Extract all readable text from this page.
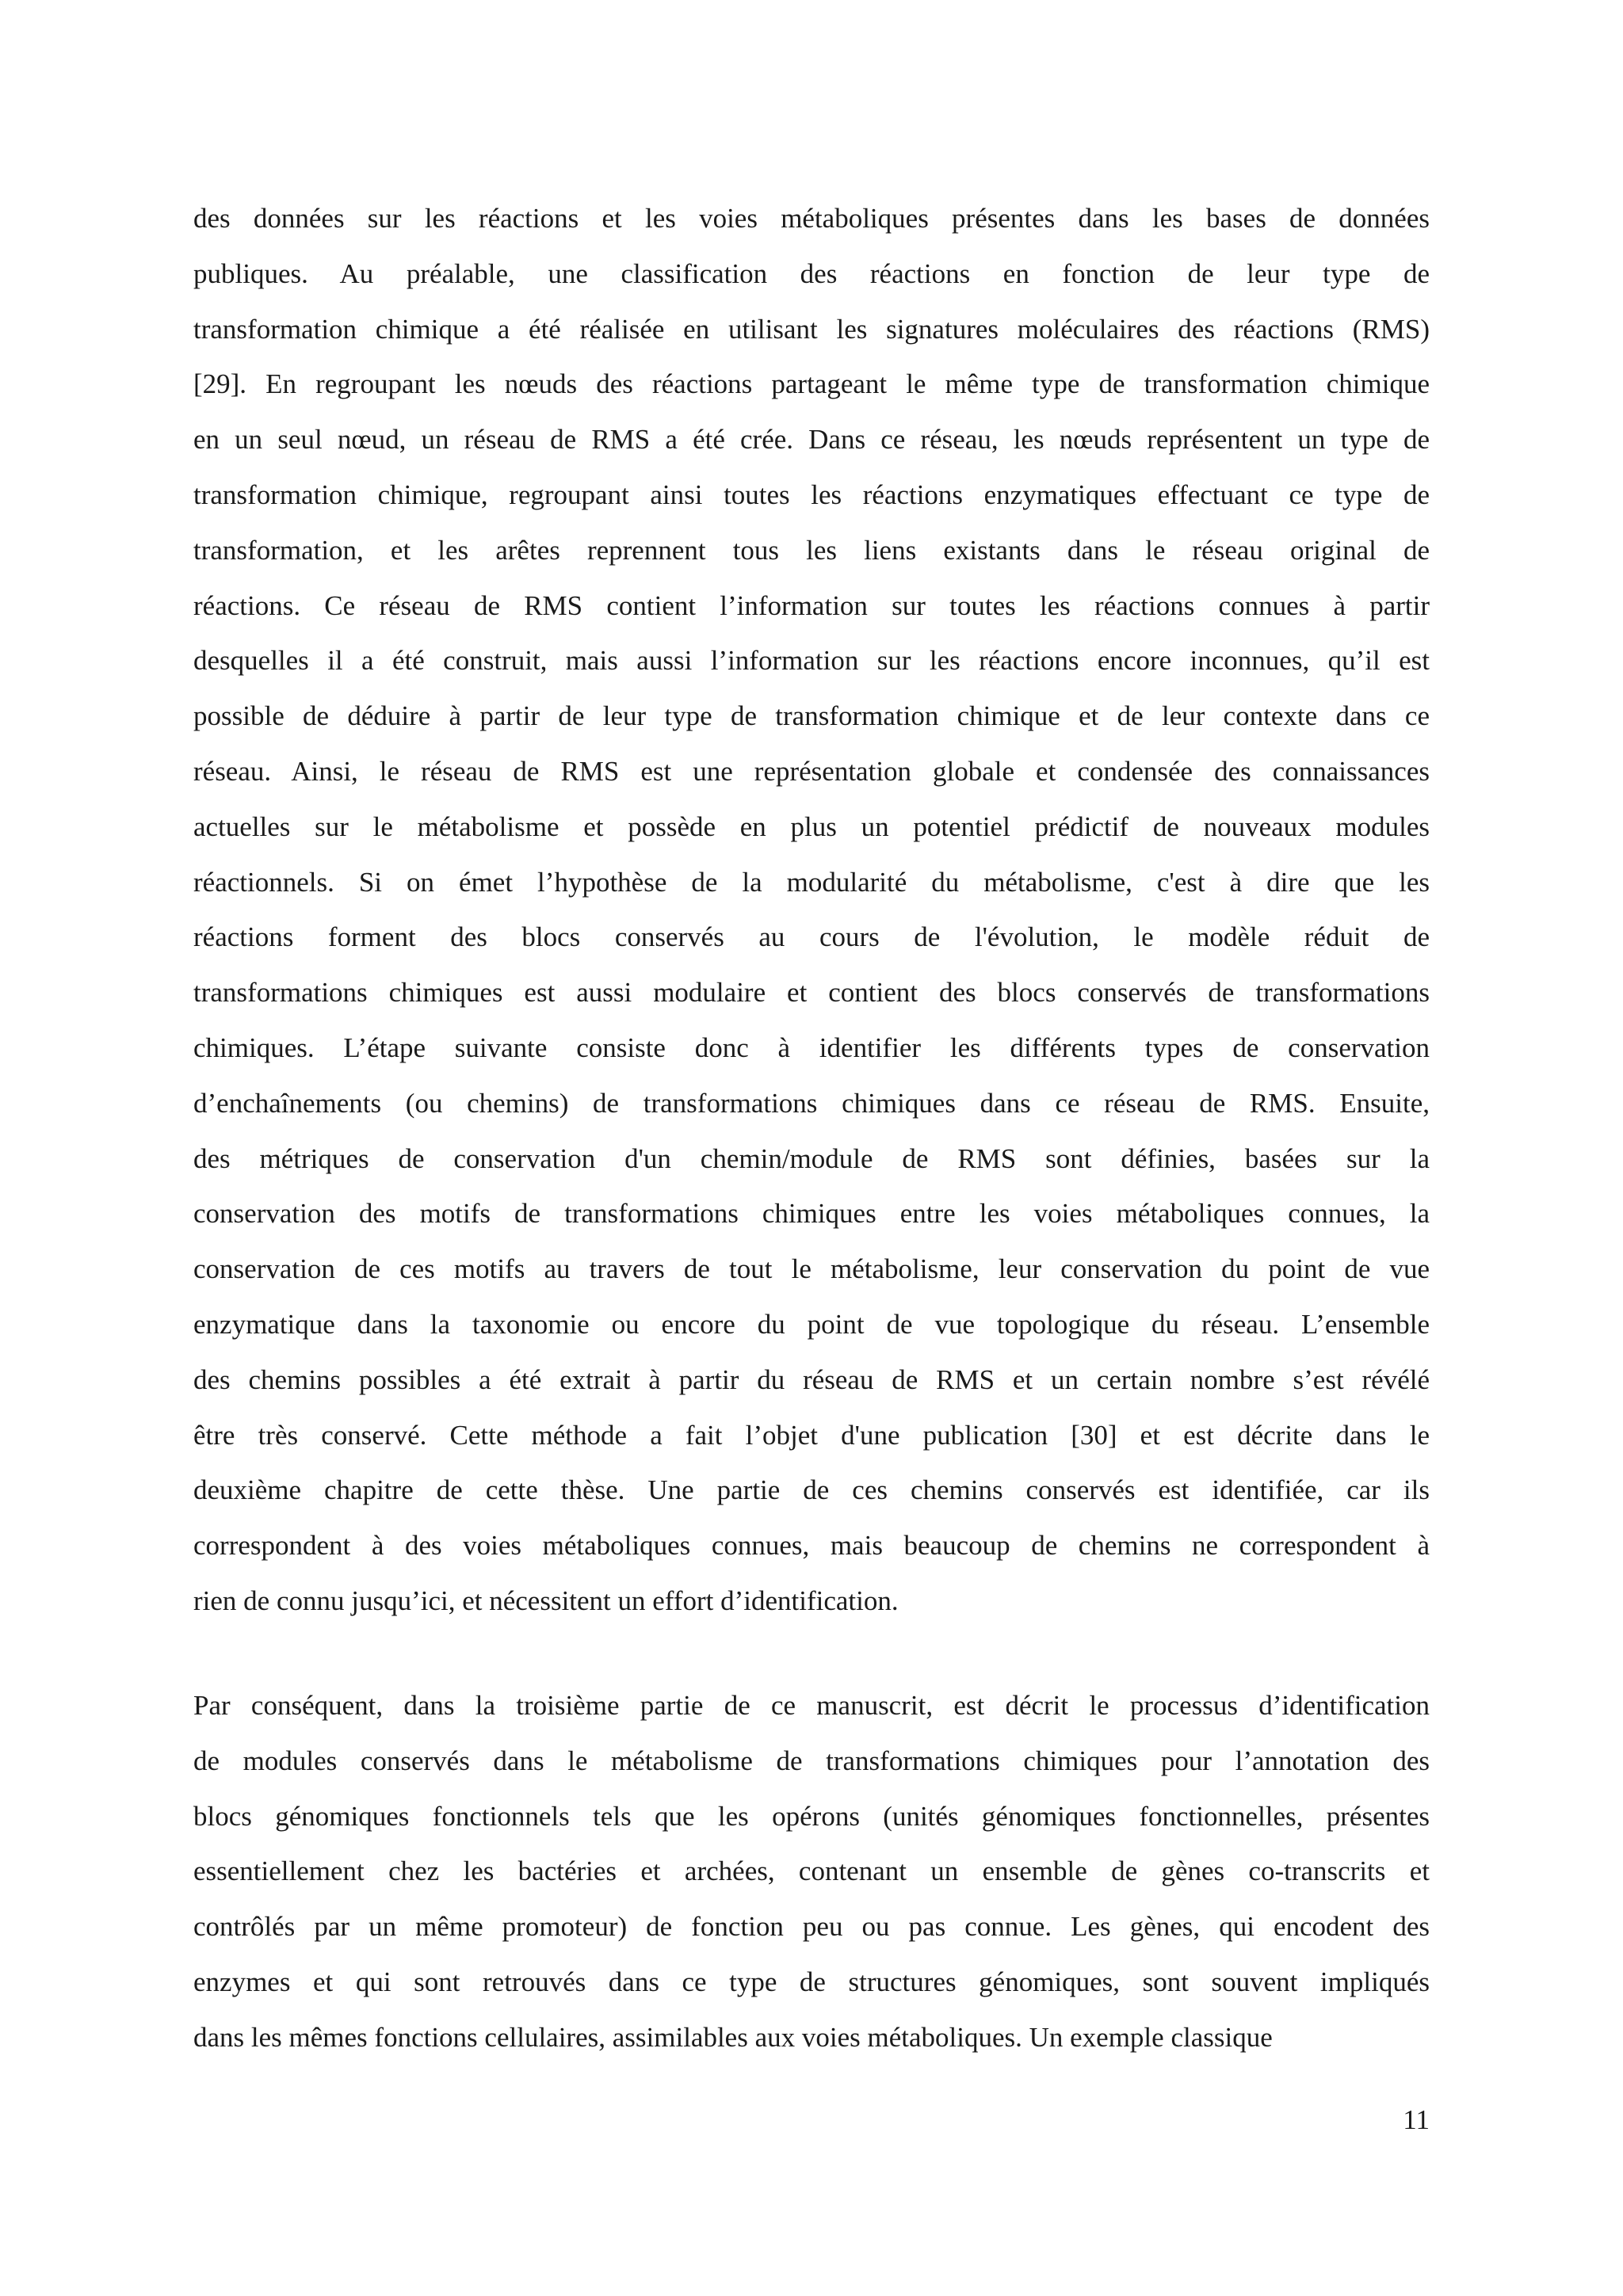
des données sur les réactions et les voies métaboliques présentes dans les bases de données
publiques. Au préalable, une classification des réactions en fonction de leur type de
transformation chimique a été réalisée en utilisant les signatures moléculaires des réactions (RMS)
[29]. En regroupant les nœuds des réactions partageant le même type de transformation chimique
en un seul nœud, un réseau de RMS a été crée. Dans ce réseau, les nœuds représentent un type de
transformation chimique, regroupant ainsi toutes les réactions enzymatiques effectuant ce type de
transformation, et les arêtes reprennent tous les liens existants dans le réseau original de
réactions. Ce réseau de RMS contient l’information sur toutes les réactions connues à partir
desquelles il a été construit, mais aussi l’information sur les réactions encore inconnues, qu’il est
possible de déduire à partir de leur type de transformation chimique et de leur contexte dans ce
réseau. Ainsi, le réseau de RMS est une représentation globale et condensée des connaissances
actuelles sur le métabolisme et possède en plus un potentiel prédictif de nouveaux modules
réactionnels. Si on émet l’hypothèse de la modularité du métabolisme, c'est à dire que les
réactions forment des blocs conservés au cours de l'évolution, le modèle réduit de
transformations chimiques est aussi modulaire et contient des blocs conservés de transformations
chimiques. L’étape suivante consiste donc à identifier les différents types de conservation
d’enchaînements (ou chemins) de transformations chimiques dans ce réseau de RMS. Ensuite,
des métriques de conservation d'un chemin/module de RMS sont définies, basées sur la
conservation des motifs de transformations chimiques entre les voies métaboliques connues, la
conservation de ces motifs au travers de tout le métabolisme, leur conservation du point de vue
enzymatique dans la taxonomie ou encore du point de vue topologique du réseau. L’ensemble
des chemins possibles a été extrait à partir du réseau de RMS et un certain nombre s’est révélé
être très conservé. Cette méthode a fait l’objet d'une publication [30] et est décrite dans le
deuxième chapitre de cette thèse. Une partie de ces chemins conservés est identifiée, car ils
correspondent à des voies métaboliques connues, mais beaucoup de chemins ne correspondent à
rien de connu jusqu’ici, et nécessitent un effort d’identification.
Par conséquent, dans la troisième partie de ce manuscrit, est décrit le processus d’identification
de modules conservés dans le métabolisme de transformations chimiques pour l’annotation des
blocs génomiques fonctionnels tels que les opérons (unités génomiques fonctionnelles, présentes
essentiellement chez les bactéries et archées, contenant un ensemble de gènes co-transcrits et
contrôlés par un même promoteur) de fonction peu ou pas connue. Les gènes, qui encodent des
enzymes et qui sont retrouvés dans ce type de structures génomiques, sont souvent impliqués
dans les mêmes fonctions cellulaires, assimilables aux voies métaboliques. Un exemple classique
11
